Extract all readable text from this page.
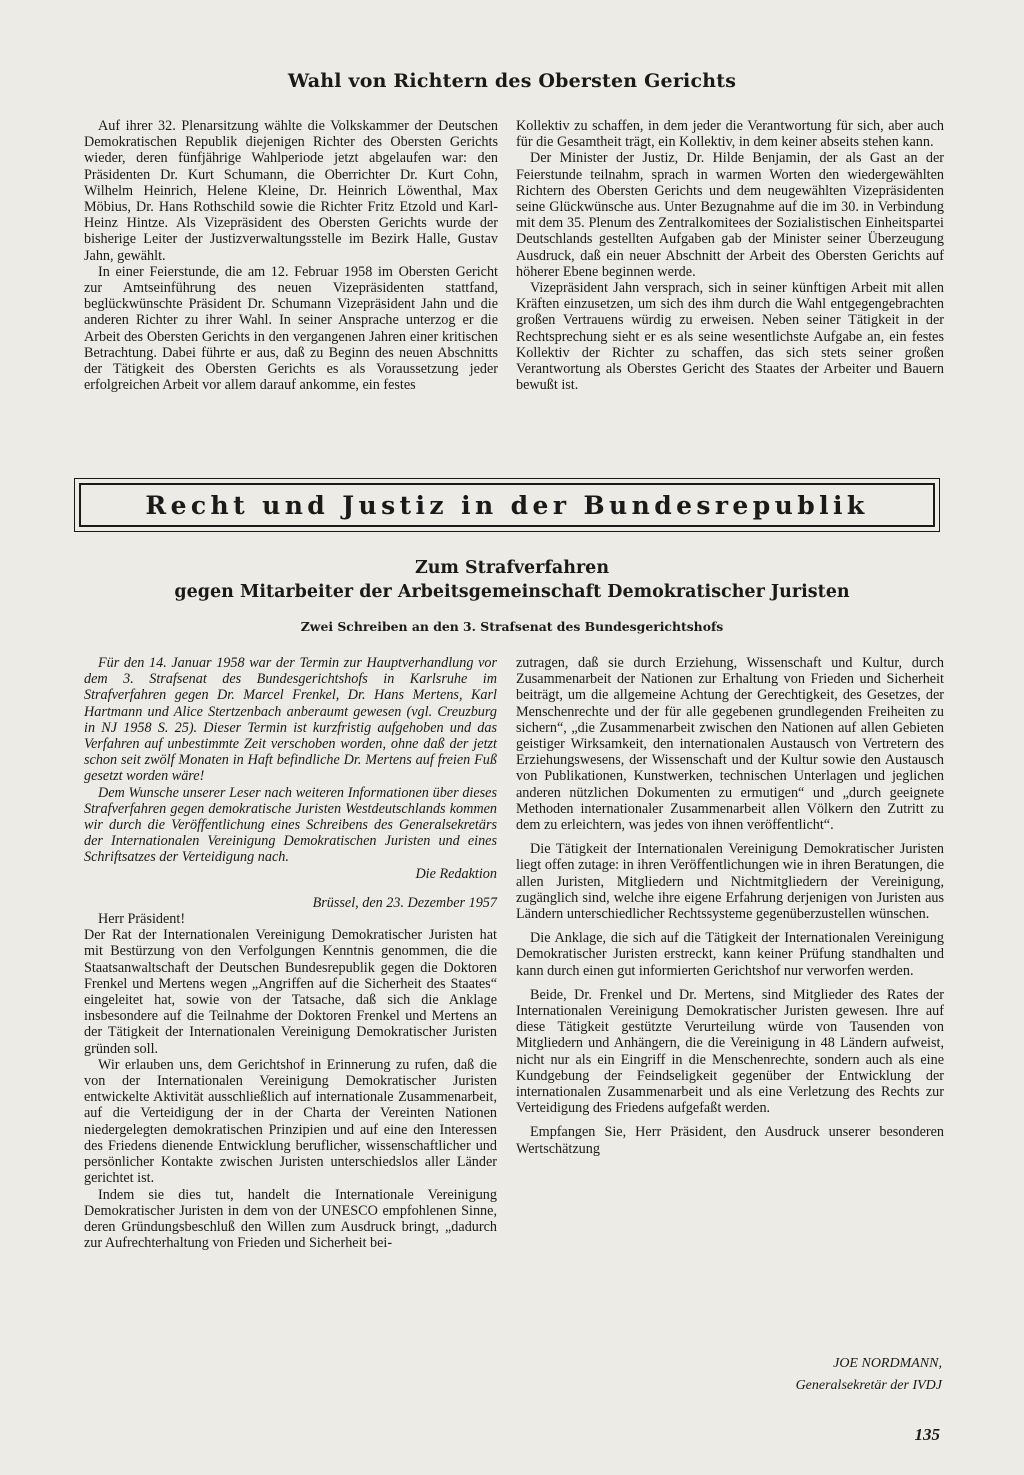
Wahl von Richtern des Obersten Gerichts

Auf ihrer 32. Plenarsitzung wählte die Volkskammer der Deutschen Demokratischen Republik diejenigen Richter des Obersten Gerichts wieder, deren fünfjährige Wahlperiode jetzt abgelaufen war: den Präsidenten Dr. Kurt Schumann, die Oberrichter Dr. Kurt Cohn, Wilhelm Heinrich, Helene Kleine, Dr. Heinrich Löwenthal, Max Möbius, Dr. Hans Rothschild sowie die Richter Fritz Etzold und Karl-Heinz Hintze. Als Vizepräsident des Obersten Gerichts wurde der bisherige Leiter der Justizverwaltungsstelle im Bezirk Halle, Gustav Jahn, gewählt.

In einer Feierstunde, die am 12. Februar 1958 im Obersten Gericht zur Amtseinführung des neuen Vizepräsidenten stattfand, beglückwünschte Präsident Dr. Schumann Vizepräsident Jahn und die anderen Richter zu ihrer Wahl. In seiner Ansprache unterzog er die Arbeit des Obersten Gerichts in den vergangenen Jahren einer kritischen Betrachtung. Dabei führte er aus, daß zu Beginn des neuen Abschnitts der Tätigkeit des Obersten Gerichts es als Voraussetzung jeder erfolgreichen Arbeit vor allem darauf ankomme, ein festes

Kollektiv zu schaffen, in dem jeder die Verantwortung für sich, aber auch für die Gesamtheit trägt, ein Kollektiv, in dem keiner abseits stehen kann.

Der Minister der Justiz, Dr. Hilde Benjamin, der als Gast an der Feierstunde teilnahm, sprach in warmen Worten den wiedergewählten Richtern des Obersten Gerichts und dem neugewählten Vizepräsidenten seine Glückwünsche aus. Unter Bezugnahme auf die im 30. in Verbindung mit dem 35. Plenum des Zentralkomitees der Sozialistischen Einheitspartei Deutschlands gestellten Aufgaben gab der Minister seiner Überzeugung Ausdruck, daß ein neuer Abschnitt der Arbeit des Obersten Gerichts auf höherer Ebene beginnen werde.

Vizepräsident Jahn versprach, sich in seiner künftigen Arbeit mit allen Kräften einzusetzen, um sich des ihm durch die Wahl entgegengebrachten großen Vertrauens würdig zu erweisen. Neben seiner Tätigkeit in der Rechtsprechung sieht er es als seine wesentlichste Aufgabe an, ein festes Kollektiv der Richter zu schaffen, das sich stets seiner großen Verantwortung als Oberstes Gericht des Staates der Arbeiter und Bauern bewußt ist.

Recht und Justiz in der Bundesrepublik
Zum Strafverfahren
gegen Mitarbeiter der Arbeitsgemeinschaft Demokratischer Juristen
Zwei Schreiben an den 3. Strafsenat des Bundesgerichtshofs

Für den 14. Januar 1958 war der Termin zur Hauptverhandlung vor dem 3. Strafsenat des Bundesgerichtshofs in Karlsruhe im Strafverfahren gegen Dr. Marcel Frenkel, Dr. Hans Mertens, Karl Hartmann und Alice Stertzenbach anberaumt gewesen (vgl. Creuzburg in NJ 1958 S. 25). Dieser Termin ist kurzfristig aufgehoben und das Verfahren auf unbestimmte Zeit verschoben worden, ohne daß der jetzt schon seit zwölf Monaten in Haft befindliche Dr. Mertens auf freien Fuß gesetzt worden wäre!

Dem Wunsche unserer Leser nach weiteren Informationen über dieses Strafverfahren gegen demokratische Juristen Westdeutschlands kommen wir durch die Veröffentlichung eines Schreibens des Generalsekretärs der Internationalen Vereinigung Demokratischen Juristen und eines Schriftsatzes der Verteidigung nach.

Die Redaktion

Brüssel, den 23. Dezember 1957

Herr Präsident!

Der Rat der Internationalen Vereinigung Demokratischer Juristen hat mit Bestürzung von den Verfolgungen Kenntnis genommen, die die Staatsanwaltschaft der Deutschen Bundesrepublik gegen die Doktoren Frenkel und Mertens wegen „Angriffen auf die Sicherheit des Staates“ eingeleitet hat, sowie von der Tatsache, daß sich die Anklage insbesondere auf die Teilnahme der Doktoren Frenkel und Mertens an der Tätigkeit der Internationalen Vereinigung Demokratischer Juristen gründen soll.

Wir erlauben uns, dem Gerichtshof in Erinnerung zu rufen, daß die von der Internationalen Vereinigung Demokratischer Juristen entwickelte Aktivität ausschließlich auf internationale Zusammenarbeit, auf die Verteidigung der in der Charta der Vereinten Nationen niedergelegten demokratischen Prinzipien und auf eine den Interessen des Friedens dienende Entwicklung beruflicher, wissenschaftlicher und persönlicher Kontakte zwischen Juristen unterschiedslos aller Länder gerichtet ist.

Indem sie dies tut, handelt die Internationale Vereinigung Demokratischer Juristen in dem von der UNESCO empfohlenen Sinne, deren Gründungsbeschluß den Willen zum Ausdruck bringt, „dadurch zur Aufrechterhaltung von Frieden und Sicherheit bei-

zutragen, daß sie durch Erziehung, Wissenschaft und Kultur, durch Zusammenarbeit der Nationen zur Erhaltung von Frieden und Sicherheit beiträgt, um die allgemeine Achtung der Gerechtigkeit, des Gesetzes, der Menschenrechte und der für alle gegebenen grundlegenden Freiheiten zu sichern“, „die Zusammenarbeit zwischen den Nationen auf allen Gebieten geistiger Wirksamkeit, den internationalen Austausch von Vertretern des Erziehungswesens, der Wissenschaft und der Kultur sowie den Austausch von Publikationen, Kunstwerken, technischen Unterlagen und jeglichen anderen nützlichen Dokumenten zu ermutigen“ und „durch geeignete Methoden internationaler Zusammenarbeit allen Völkern den Zutritt zu dem zu erleichtern, was jedes von ihnen veröffentlicht“.

Die Tätigkeit der Internationalen Vereinigung Demokratischer Juristen liegt offen zutage: in ihren Veröffentlichungen wie in ihren Beratungen, die allen Juristen, Mitgliedern und Nichtmitgliedern der Vereinigung, zugänglich sind, welche ihre eigene Erfahrung derjenigen von Juristen aus Ländern unterschiedlicher Rechtssysteme gegenüberzustellen wünschen.

Die Anklage, die sich auf die Tätigkeit der Internationalen Vereinigung Demokratischer Juristen erstreckt, kann keiner Prüfung standhalten und kann durch einen gut informierten Gerichtshof nur verworfen werden.

Beide, Dr. Frenkel und Dr. Mertens, sind Mitglieder des Rates der Internationalen Vereinigung Demokratischer Juristen gewesen. Ihre auf diese Tätigkeit gestützte Verurteilung würde von Tausenden von Mitgliedern und Anhängern, die die Vereinigung in 48 Ländern aufweist, nicht nur als ein Eingriff in die Menschenrechte, sondern auch als eine Kundgebung der Feindseligkeit gegenüber der Entwicklung der internationalen Zusammenarbeit und als eine Verletzung des Rechts zur Verteidigung des Friedens aufgefaßt werden.

Empfangen Sie, Herr Präsident, den Ausdruck unserer besonderen Wertschätzung

JOE NORDMANN,
Generalsekretär der IVDJ
135
